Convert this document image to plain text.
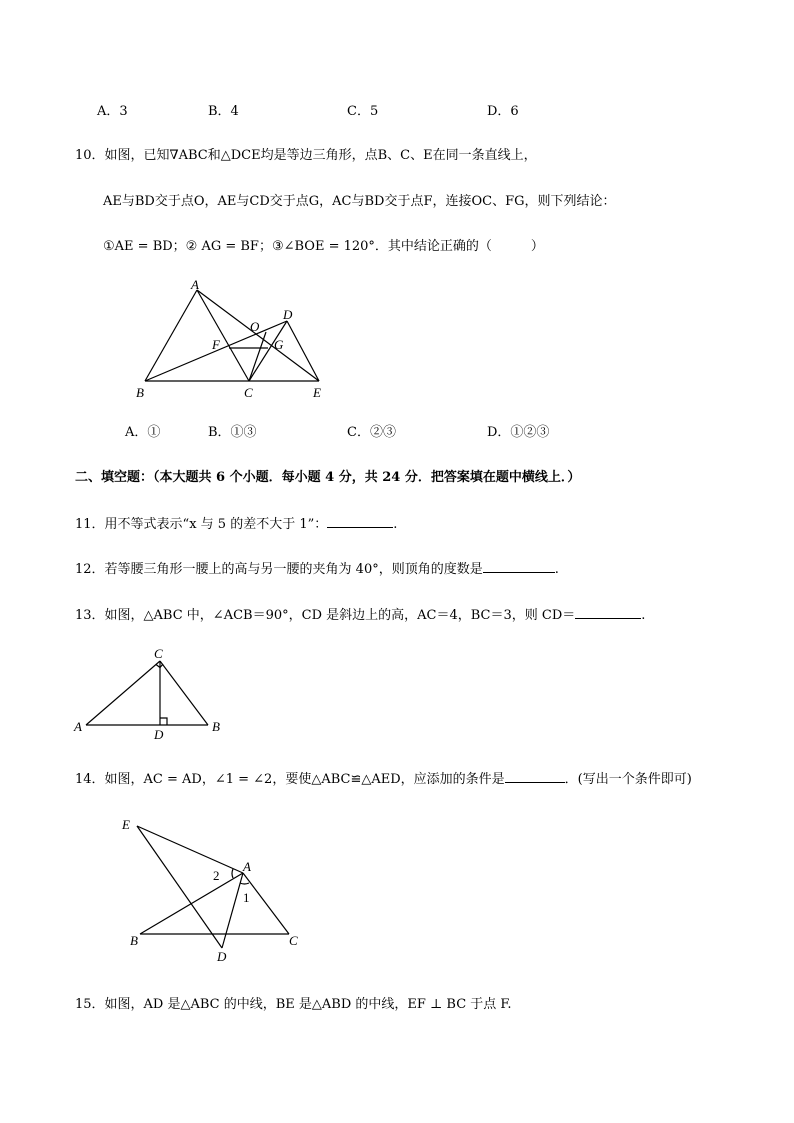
A．3	B．4	C．5	D．6
10．如图，已知∇ABC和△DCE均是等边三角形，点B、C、E在同一条直线上，
AE与BD交于点O，AE与CD交于点G，AC与BD交于点F，连接OC、FG，则下列结论：
①AE = BD；② AG = BF；③∠BOE = 120°．其中结论正确的（　　　）
A
B	C
D
E
F	G
O
A．①	B．①③	C．②③	D．①②③
二、填空题：（本大题共 6 个小题．每小题 4 分，共 24 分．把答案填在题中横线上．）
11．用不等式表示“x 与 5 的差不大于 1”：	.
12．若等腰三角形一腰上的高与另一腰的夹角为 40°，则顶角的度数是	.
13．如图，△ABC 中，∠ACB＝90°，CD 是斜边上的高，AC＝4，BC＝3，则 CD＝	.
C
A	B
D
14．如图，AC = AD，∠1 = ∠2，要使△ABC≌△AED，应添加的条件是	．(写出一个条件即可)
E
A
2
1
B
D
C
15．如图，AD 是△ABC 的中线，BE 是△ABD 的中线，EF ⊥ BC 于点 F.
